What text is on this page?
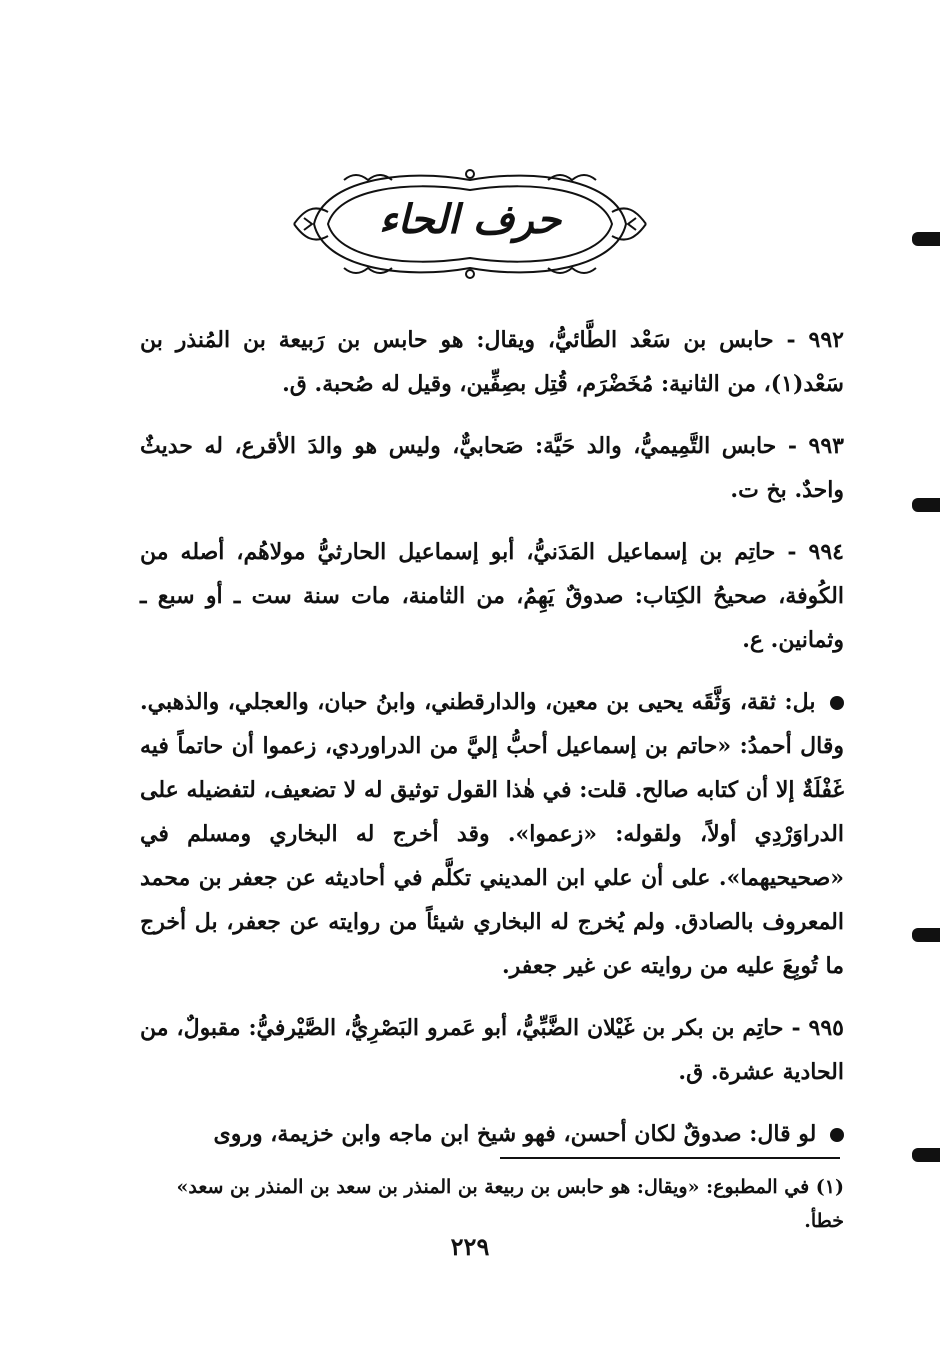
حرف الحاء

٩٩٢ - حابس بن سَعْد الطَّائيُّ، ويقال: هو حابس بن رَبيعة بن المُنذر بن سَعْد(١)، من الثانية: مُخَضْرَم، قُتِل بصِفِّين، وقيل له صُحبة. ق.

٩٩٣ - حابس التَّمِيميُّ، والد حَيَّة: صَحابيٌّ، وليس هو والدَ الأقرع، له حديثٌ واحدٌ. بخ ت.

٩٩٤ - حاتِم بن إسماعيل المَدَنيُّ، أبو إسماعيل الحارثيُّ مولاهُم، أصله من الكُوفة، صحيحُ الكِتاب: صدوقٌ يَهِمُ، من الثامنة، مات سنة ست ـ أو سبع ـ وثمانين. ع.

بل: ثقة، وَثَّقَه يحيى بن معين، والدارقطني، وابنُ حبان، والعجلي، والذهبي. وقال أحمدُ: «حاتم بن إسماعيل أحبُّ إليَّ من الدراوردي، زعموا أن حاتماً فيه غَفْلَةٌ إلا أن كتابه صالح. قلت: في هٰذا القول توثيق له لا تضعيف، لتفضيله على الدراوَرْدِي أولاً، ولقوله: «زعموا». وقد أخرج له البخاري ومسلم في «صحيحيهما». على أن علي ابن المديني تكلَّم في أحاديثه عن جعفر بن محمد المعروف بالصادق. ولم يُخرج له البخاري شيئاً من روايته عن جعفر، بل أخرج ما تُوبِعَ عليه من روايته عن غير جعفر.

٩٩٥ - حاتِم بن بكر بن غَيْلان الضَّبِّيُّ، أبو عَمرو البَصْرِيُّ، الصَّيْرفيُّ: مقبولٌ، من الحادية عشرة. ق.

لو قال: صدوقٌ لكان أحسن، فهو شيخ ابن ماجه وابن خزيمة، وروى

(١) في المطبوع: «ويقال: هو حابس بن ربيعة بن المنذر بن سعد بن المنذر بن سعد» خطأ.
٢٢٩
